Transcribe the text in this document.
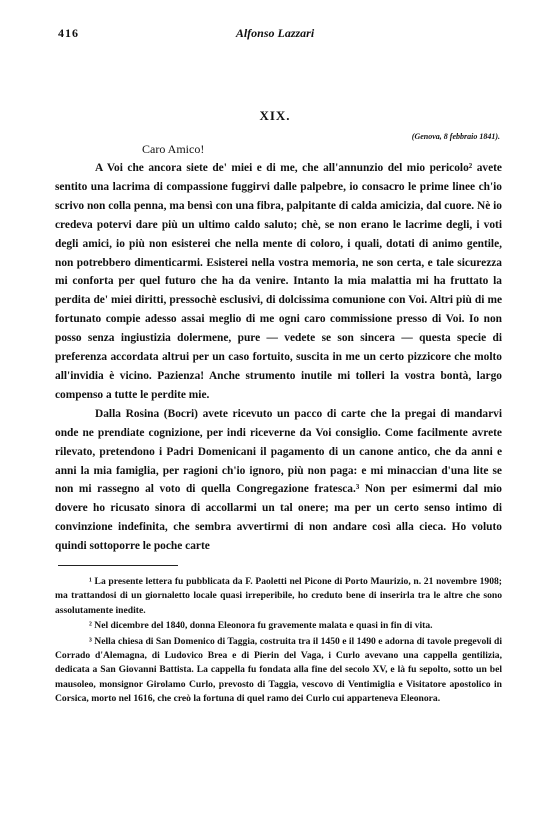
416	Alfonso Lazzari
XIX.
(Genova, 8 febbraio 1841).
Caro Amico!

A Voi che ancora siete de' miei e di me, che all'annunzio del mio pericolo² avete sentito una lacrima di compassione fuggirvi dalle palpebre, io consacro le prime linee ch'io scrivo non colla penna, ma bensì con una fibra, palpitante di calda amicizia, dal cuore. Nè io credeva potervi dare più un ultimo caldo saluto; chè, se non erano le lacrime degli, i voti degli amici, io più non esisterei che nella mente di coloro, i quali, dotati di animo gentile, non potrebbero dimenticarmi. Esisterei nella vostra memoria, ne son certa, e tale sicurezza mi conforta per quel futuro che ha da venire. Intanto la mia malattia mi ha fruttato la perdita de' miei diritti, pressochè esclusivi, di dolcissima comunione con Voi. Altri più di me fortunato compie adesso assai meglio di me ogni caro commissione presso di Voi. Io non posso senza ingiustizia dolermene, pure — vedete se son sincera — questa specie di preferenza accordata altrui per un caso fortuito, suscita in me un certo pizzicore che molto all'invidia è vicino. Pazienza! Anche strumento inutile mi tolleri la vostra bontà, largo compenso a tutte le perdite mie.

Dalla Rosina (Bocri) avete ricevuto un pacco di carte che la pregai di mandarvi onde ne prendiate cognizione, per indi riceverne da Voi consiglio. Come facilmente avrete rilevato, pretendono i Padri Domenicani il pagamento di un canone antico, che da anni e anni la mia famiglia, per ragioni ch'io ignoro, più non paga: e mi minaccian d'una lite se non mi rassegno al voto di quella Congregazione fratesca.³ Non per esimermi dal mio dovere ho ricusato sinora di accollarmi un tal onere; ma per un certo senso intimo di convinzione indefinita, che sembra avvertirmi di non andare così alla cieca. Ho voluto quindi sottoporre le poche carte

¹ La presente lettera fu pubblicata da F. Paoletti nel Picone di Porto Maurizio, n. 21 novembre 1908; ma trattandosi di un giornaletto locale quasi irreperibile, ho creduto bene di inserirla tra le altre che sono assolutamente inedite.

² Nel dicembre del 1840, donna Eleonora fu gravemente malata e quasi in fin di vita.

³ Nella chiesa di San Domenico di Taggia, costruita tra il 1450 e il 1490 e adorna di tavole pregevoli di Corrado d'Alemagna, di Ludovico Brea e di Pierin del Vaga, i Curlo avevano una cappella gentilizia, dedicata a San Giovanni Battista. La cappella fu fondata alla fine del secolo XV, e là fu sepolto, sotto un bel mausoleo, monsignor Girolamo Curlo, prevosto di Taggia, vescovo di Ventimiglia e Visitatore apostolico in Corsica, morto nel 1616, che creò la fortuna di quel ramo dei Curlo cui apparteneva Eleonora.
